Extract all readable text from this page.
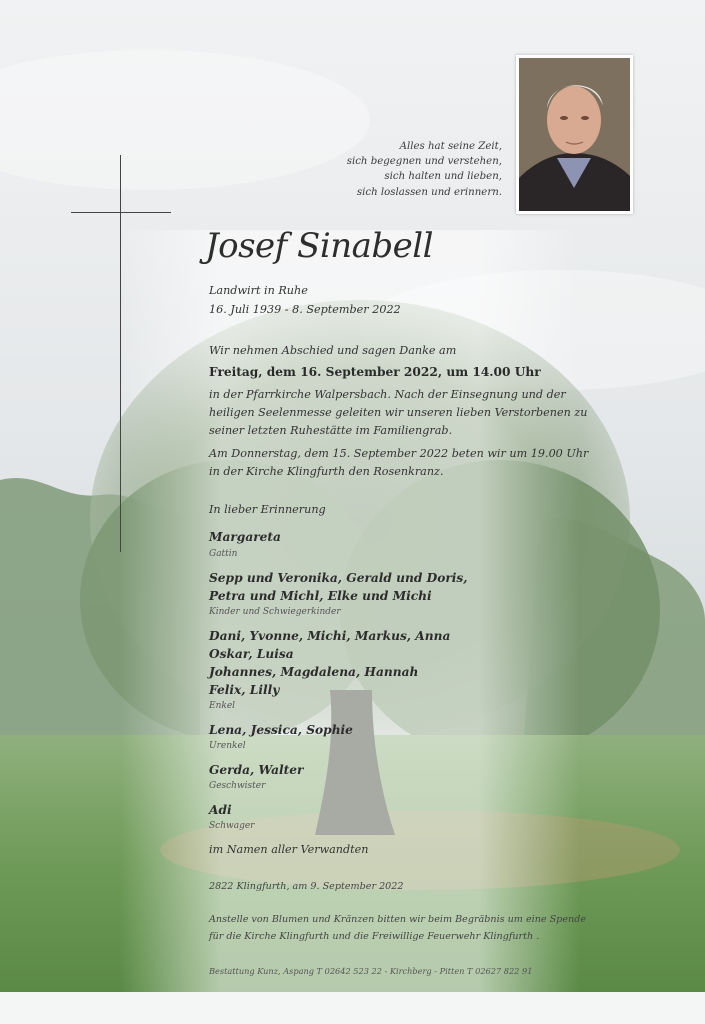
Alles hat seine Zeit,
sich begegnen und verstehen,
sich halten und lieben,
sich loslassen und erinnern.
Josef Sinabell
Landwirt in Ruhe
16. Juli 1939 - 8. September 2022
Wir nehmen Abschied und sagen Danke am
Freitag, dem 16. September 2022, um 14.00 Uhr
in der Pfarrkirche Walpersbach. Nach der Einsegnung und der
heiligen Seelenmesse geleiten wir unseren lieben Verstorbenen zu
seiner letzten Ruhestätte im Familiengrab.
Am Donnerstag, dem 15. September 2022 beten wir um 19.00 Uhr
in der Kirche Klingfurth den Rosenkranz.
In lieber Erinnerung
Margareta
Gattin
Sepp und Veronika, Gerald und Doris,
Petra und Michl, Elke und Michi
Kinder und Schwiegerkinder
Dani, Yvonne, Michi, Markus, Anna
Oskar, Luisa
Johannes, Magdalena, Hannah
Felix, Lilly
Enkel
Lena, Jessica, Sophie
Urenkel
Gerda, Walter
Geschwister
Adi
Schwager
im Namen aller Verwandten
2822 Klingfurth, am 9. September 2022
Anstelle von Blumen und Kränzen bitten wir beim Begräbnis um eine Spende
für die Kirche Klingfurth und die Freiwillige Feuerwehr Klingfurth .
Bestattung Kunz, Aspang T 02642 523 22 - Kirchberg - Pitten T 02627 822 91
